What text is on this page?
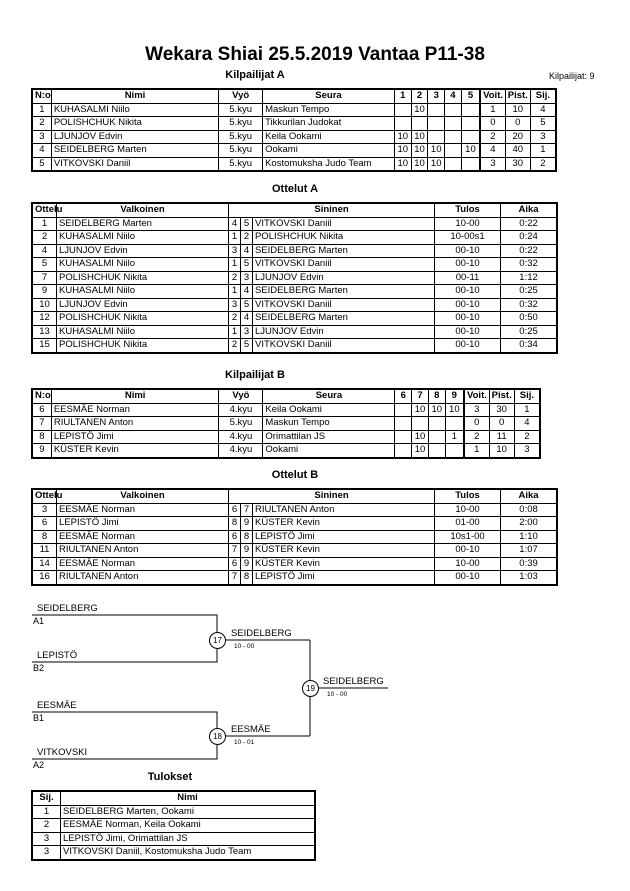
Wekara Shiai 25.5.2019 Vantaa P11-38
Kilpailijat A	Kilpailijat: 9
N:o	Nimi	Vyö	Seura	1	2	3	4	5	Voit.	Pist.	Sij.
1	KUHASALMI Niilo	5.kyu	Maskun Tempo		10				1	10	4
2	POLISHCHUK Nikita	5.kyu	Tikkurilan Judokat						0	0	5
3	LJUNJOV Edvin	5.kyu	Keila Ookami	10	10				2	20	3
4	SEIDELBERG Marten	5.kyu	Ookami	10	10	10		10	4	40	1
5	VITKOVSKI Daniil	5.kyu	Kostomuksha Judo Team	10	10	10			3	30	2
Ottelut A
Ottelu	Valkoinen	Sininen			Tulos	Aika
1	SEIDELBERG Marten	4	5	VITKOVSKI Daniil	10-00	0:22
2	KUHASALMI Niilo	1	2	POLISHCHUK Nikita	10-00s1	0:24
4	LJUNJOV Edvin	3	4	SEIDELBERG Marten	00-10	0:22
5	KUHASALMI Niilo	1	5	VITKOVSKI Daniil	00-10	0:32
7	POLISHCHUK Nikita	2	3	LJUNJOV Edvin	00-11	1:12
9	KUHASALMI Niilo	1	4	SEIDELBERG Marten	00-10	0:25
10	LJUNJOV Edvin	3	5	VITKOVSKI Daniil	00-10	0:32
12	POLISHCHUK Nikita	2	4	SEIDELBERG Marten	00-10	0:50
13	KUHASALMI Niilo	1	3	LJUNJOV Edvin	00-10	0:25
15	POLISHCHUK Nikita	2	5	VITKOVSKI Daniil	00-10	0:34
Kilpailijat B
N:o	Nimi	Vyö	Seura	6	7	8	9	Voit.	Pist.	Sij.
6	EESMÄE Norman	4.kyu	Keila Ookami		10	10	10	3	30	1
7	RIULTANEN Anton	5.kyu	Maskun Tempo					0	0	4
8	LEPISTÖ Jimi	4.kyu	Orimattilan JS		10		1	2	11	2
9	KÜSTER Kevin	4.kyu	Ookami		10			1	10	3
Ottelut B
Ottelu	Valkoinen	Sininen			Tulos	Aika
3	EESMÄE Norman	6	7	RIULTANEN Anton	10-00	0:08
6	LEPISTÖ Jimi	8	9	KÜSTER Kevin	01-00	2:00
8	EESMÄE Norman	6	8	LEPISTÖ Jimi	10s1-00	1:10
11	RIULTANEN Anton	7	9	KÜSTER Kevin	00-10	1:07
14	EESMÄE Norman	6	9	KÜSTER Kevin	10-00	0:39
16	RIULTANEN Anton	7	8	LEPISTÖ Jimi	00-10	1:03
SEIDELBERG
A1
LEPISTÖ
B2
17
SEIDELBERG
10 - 00
EESMÄE
B1
VITKOVSKI
A2
18
EESMÄE
10 - 01
19
SEIDELBERG
10 - 00
Tulokset
Sij.	Nimi
1	SEIDELBERG Marten, Ookami
2	EESMÄE Norman, Keila Ookami
3	LEPISTÖ Jimi, Orimattilan JS
3	VITKOVSKI Daniil, Kostomuksha Judo Team
